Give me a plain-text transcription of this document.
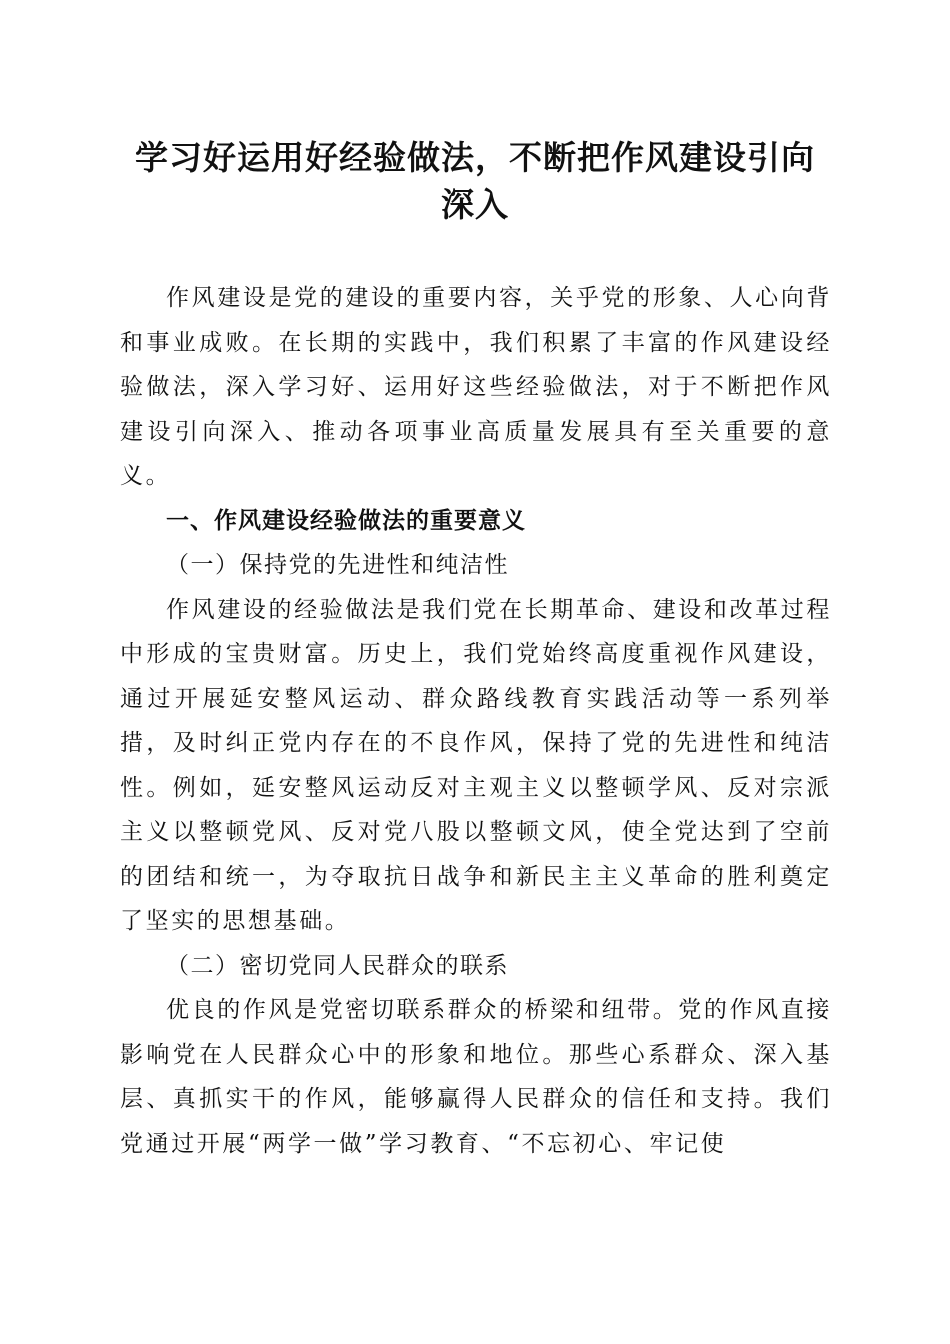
学习好运用好经验做法，不断把作风建设引向
深入

作风建设是党的建设的重要内容，关乎党的形象、人心向背和事业成败。在长期的实践中，我们积累了丰富的作风建设经验做法，深入学习好、运用好这些经验做法，对于不断把作风建设引向深入、推动各项事业高质量发展具有至关重要的意义。

一、作风建设经验做法的重要意义

（一）保持党的先进性和纯洁性

作风建设的经验做法是我们党在长期革命、建设和改革过程中形成的宝贵财富。历史上，我们党始终高度重视作风建设，通过开展延安整风运动、群众路线教育实践活动等一系列举措，及时纠正党内存在的不良作风，保持了党的先进性和纯洁性。例如，延安整风运动反对主观主义以整顿学风、反对宗派主义以整顿党风、反对党八股以整顿文风，使全党达到了空前的团结和统一，为夺取抗日战争和新民主主义革命的胜利奠定了坚实的思想基础。

（二）密切党同人民群众的联系

优良的作风是党密切联系群众的桥梁和纽带。党的作风直接影响党在人民群众心中的形象和地位。那些心系群众、深入基层、真抓实干的作风，能够赢得人民群众的信任和支持。我们党通过开展“两学一做”学习教育、“不忘初心、牢记使
